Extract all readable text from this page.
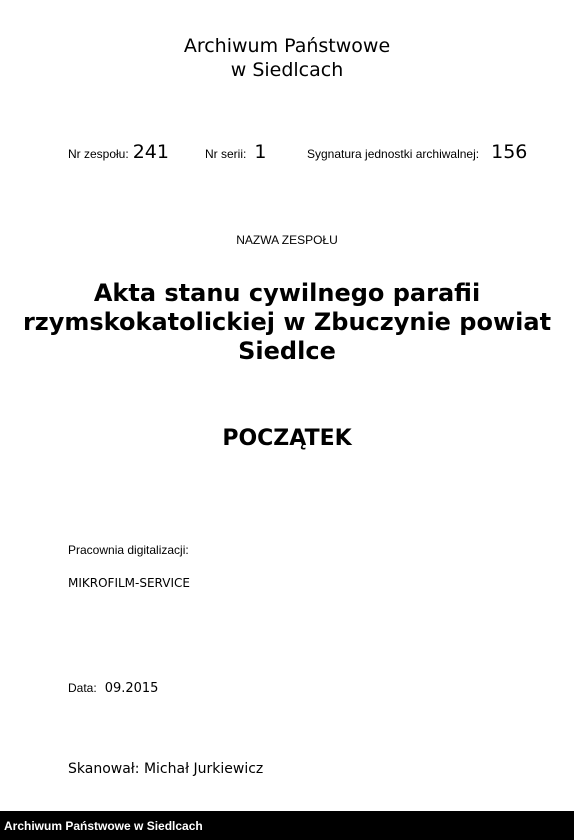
Archiwum Państwowe
w Siedlcach
Nr zespołu: 241	Nr serii: 1	Sygnatura jednostki archiwalnej: 156
NAZWA ZESPOŁU
Akta stanu cywilnego parafii
rzymskokatolickiej w Zbuczynie powiat
Siedlce
POCZĄTEK
Pracownia digitalizacji:
MIKROFILM-SERVICE
Data: 09.2015
Skanował: Michał Jurkiewicz
Archiwum Państwowe w Siedlcach
